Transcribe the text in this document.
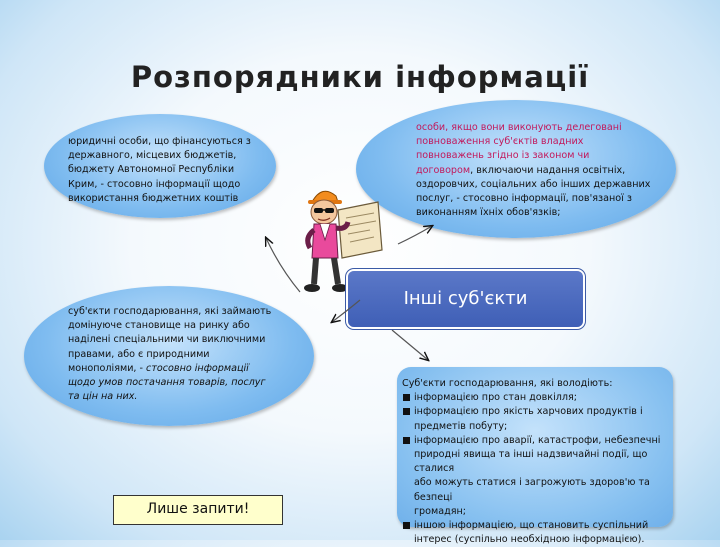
Розпорядники інформації
юридичні особи, що фінансуються з
державного, місцевих бюджетів,
бюджету Автономної Республіки
Крим, - стосовно інформації щодо
використання бюджетних коштів
особи, якщо вони виконують делеговані
повноваження суб'єктів владних
повноважень згідно із законом чи
договором, включаючи надання освітніх,
оздоровчих, соціальних або інших державних
послуг, - стосовно інформації, пов'язаної з
виконанням їхніх обов'язків;
суб'єкти господарювання, які займають
домінуюче становище на ринку або
наділені спеціальними чи виключними
правами, або є природними
монополіями, - стосовно інформації
щодо умов постачання товарів, послуг
та цін на них.
Інші суб'єкти
Суб'єкти господарювання, які володіють:
інформацією про стан довкілля;
інформацією про якість харчових продуктів і
предметів побуту;
інформацією про аварії, катастрофи, небезпечні
природні явища та інші надзвичайні події, що сталися
або можуть статися і загрожують здоров'ю та безпеці
громадян;
іншою інформацією, що становить суспільний
інтерес (суспільно необхідною інформацією).
Лише запити!
